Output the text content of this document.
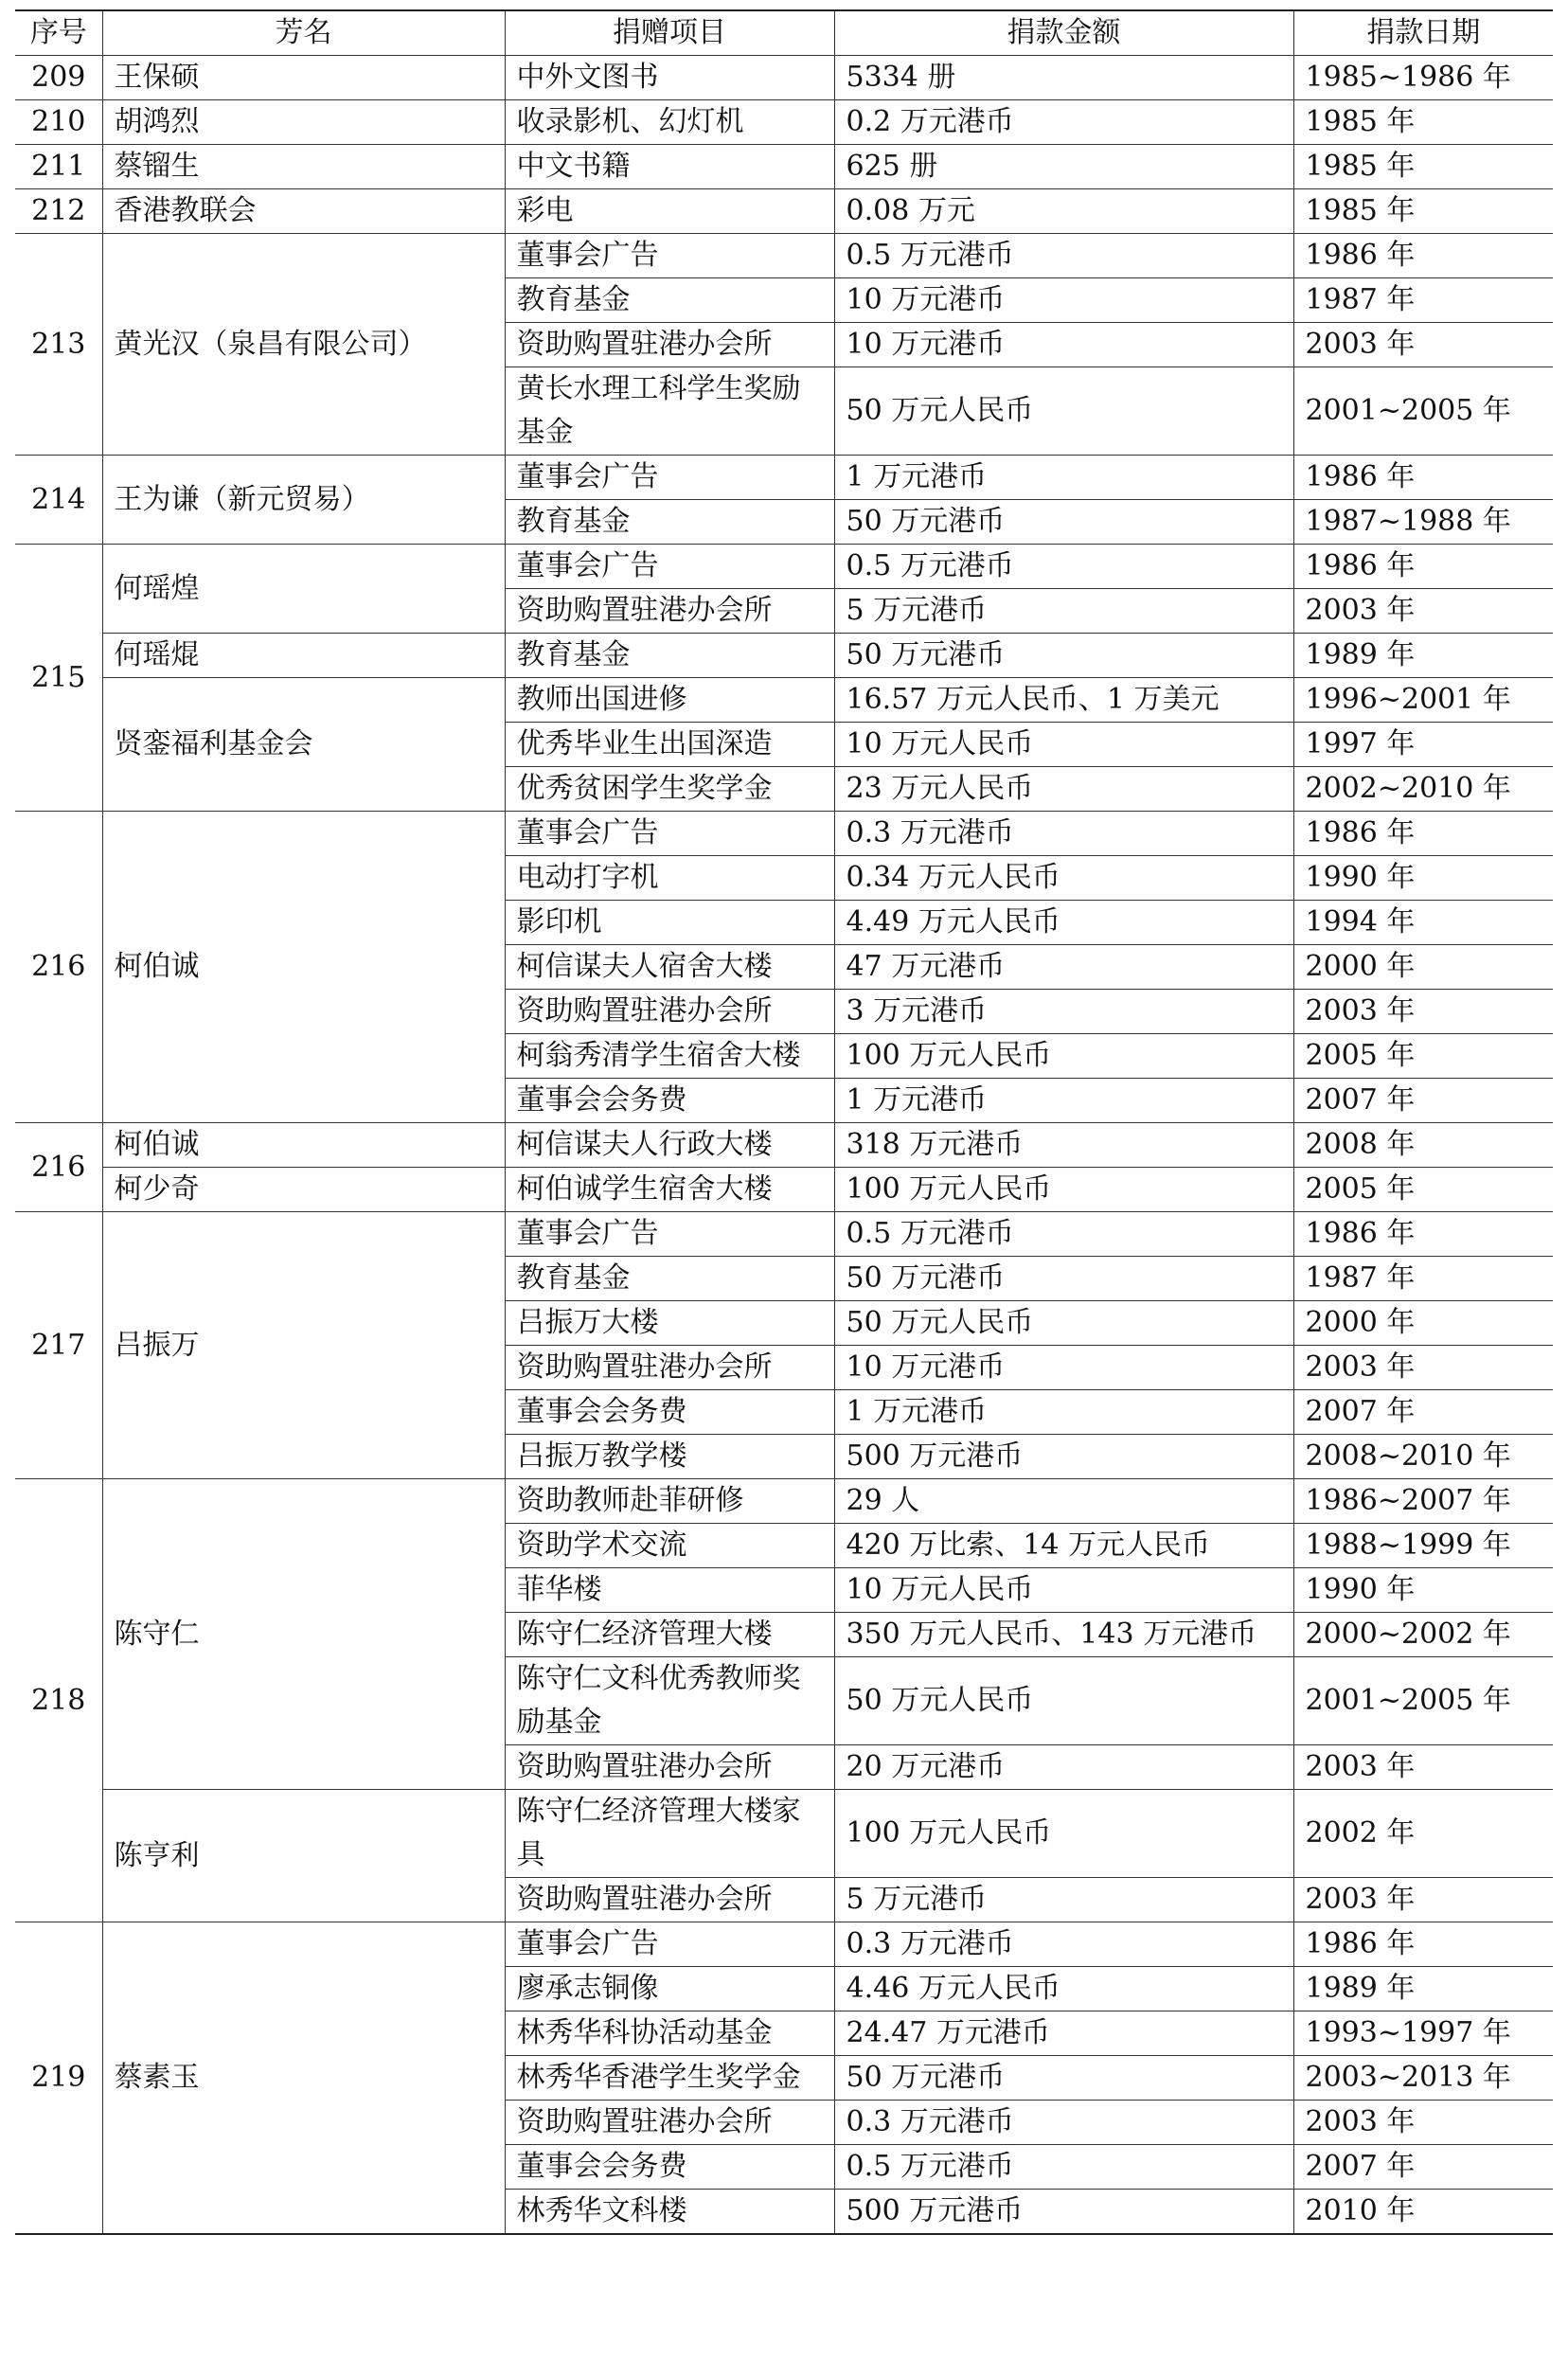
序号	芳名	捐赠项目	捐款金额	捐款日期
209	王保硕	中外文图书	5334 册	1985~1986 年
210	胡鸿烈	收录影机、幻灯机	0.2 万元港币	1985 年
211	蔡镏生	中文书籍	625 册	1985 年
212	香港教联会	彩电	0.08 万元	1985 年
213	黄光汉（泉昌有限公司）	董事会广告	0.5 万元港币	1986 年
		教育基金	10 万元港币	1987 年
		资助购置驻港办会所	10 万元港币	2003 年
		黄长水理工科学生奖励基金	50 万元人民币	2001~2005 年
214	王为谦（新元贸易）	董事会广告	1 万元港币	1986 年
		教育基金	50 万元港币	1987~1988 年
215	何瑶煌	董事会广告	0.5 万元港币	1986 年
		资助购置驻港办会所	5 万元港币	2003 年
	何瑶焜	教育基金	50 万元港币	1989 年
	贤銮福利基金会	教师出国进修	16.57 万元人民币、1 万美元	1996~2001 年
		优秀毕业生出国深造	10 万元人民币	1997 年
		优秀贫困学生奖学金	23 万元人民币	2002~2010 年
216	柯伯诚	董事会广告	0.3 万元港币	1986 年
		电动打字机	0.34 万元人民币	1990 年
		影印机	4.49 万元人民币	1994 年
		柯信谋夫人宿舍大楼	47 万元港币	2000 年
		资助购置驻港办会所	3 万元港币	2003 年
		柯翁秀清学生宿舍大楼	100 万元人民币	2005 年
		董事会会务费	1 万元港币	2007 年
216	柯伯诚	柯信谋夫人行政大楼	318 万元港币	2008 年
	柯少奇	柯伯诚学生宿舍大楼	100 万元人民币	2005 年
217	吕振万	董事会广告	0.5 万元港币	1986 年
		教育基金	50 万元港币	1987 年
		吕振万大楼	50 万元人民币	2000 年
		资助购置驻港办会所	10 万元港币	2003 年
		董事会会务费	1 万元港币	2007 年
		吕振万教学楼	500 万元港币	2008~2010 年
218	陈守仁	资助教师赴菲研修	29 人	1986~2007 年
		资助学术交流	420 万比索、14 万元人民币	1988~1999 年
		菲华楼	10 万元人民币	1990 年
		陈守仁经济管理大楼	350 万元人民币、143 万元港币	2000~2002 年
		陈守仁文科优秀教师奖励基金	50 万元人民币	2001~2005 年
		资助购置驻港办会所	20 万元港币	2003 年
	陈亨利	陈守仁经济管理大楼家具	100 万元人民币	2002 年
		资助购置驻港办会所	5 万元港币	2003 年
219	蔡素玉	董事会广告	0.3 万元港币	1986 年
		廖承志铜像	4.46 万元人民币	1989 年
		林秀华科协活动基金	24.47 万元港币	1993~1997 年
		林秀华香港学生奖学金	50 万元港币	2003~2013 年
		资助购置驻港办会所	0.3 万元港币	2003 年
		董事会会务费	0.5 万元港币	2007 年
		林秀华文科楼	500 万元港币	2010 年
